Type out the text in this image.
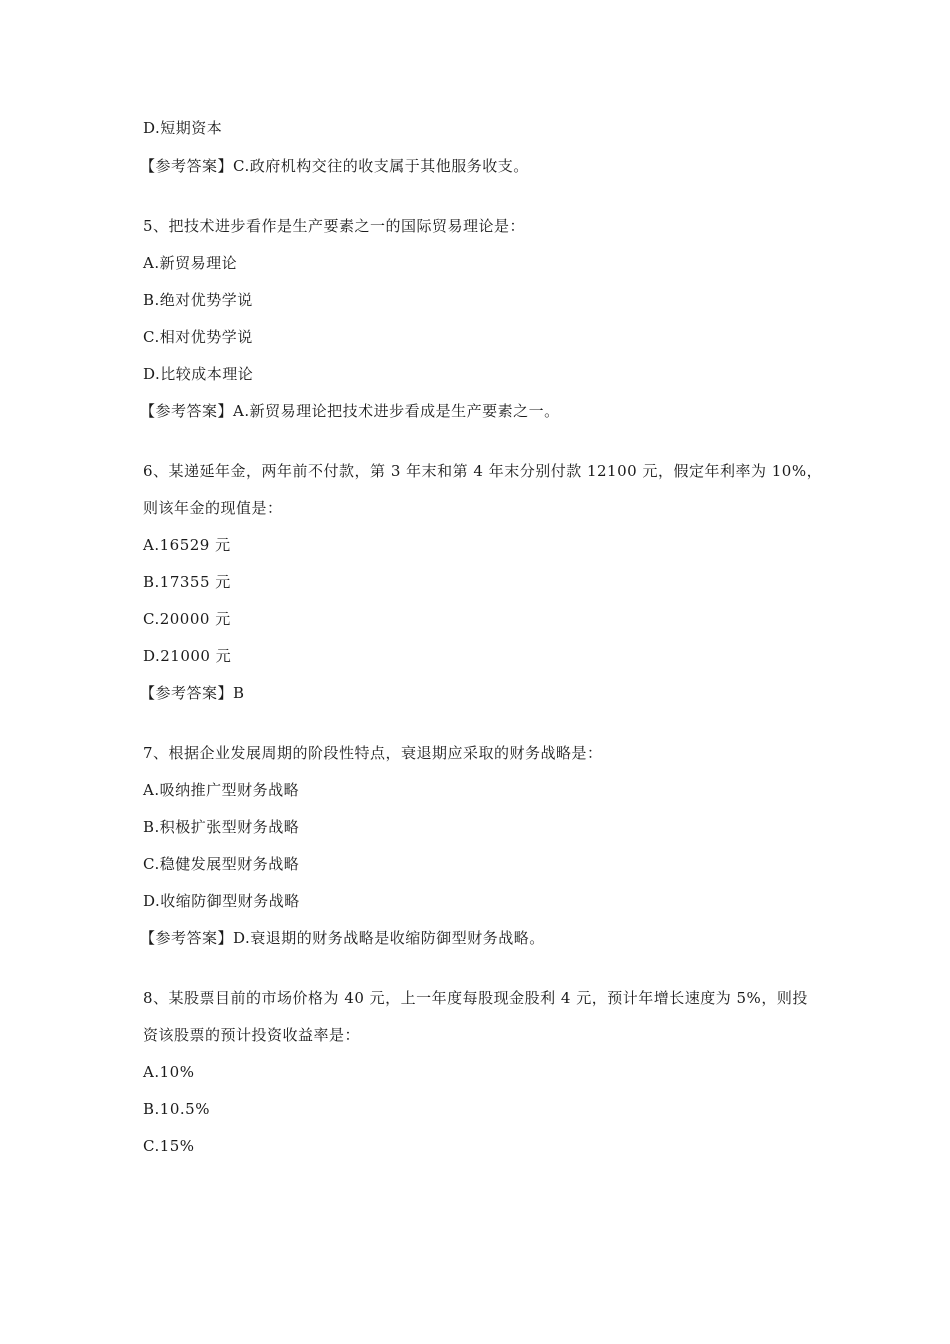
D.短期资本
【参考答案】C.政府机构交往的收支属于其他服务收支。
5、把技术进步看作是生产要素之一的国际贸易理论是：
A.新贸易理论
B.绝对优势学说
C.相对优势学说
D.比较成本理论
【参考答案】A.新贸易理论把技术进步看成是生产要素之一。
6、某递延年金，两年前不付款，第 3 年末和第 4 年末分别付款 12100 元，假定年利率为 10%，
则该年金的现值是：
A.16529 元
B.17355 元
C.20000 元
D.21000 元
【参考答案】B
7、根据企业发展周期的阶段性特点，衰退期应采取的财务战略是：
A.吸纳推广型财务战略
B.积极扩张型财务战略
C.稳健发展型财务战略
D.收缩防御型财务战略
【参考答案】D.衰退期的财务战略是收缩防御型财务战略。
8、某股票目前的市场价格为 40 元，上一年度每股现金股利 4 元，预计年增长速度为 5%，则投
资该股票的预计投资收益率是：
A.10%
B.10.5%
C.15%
